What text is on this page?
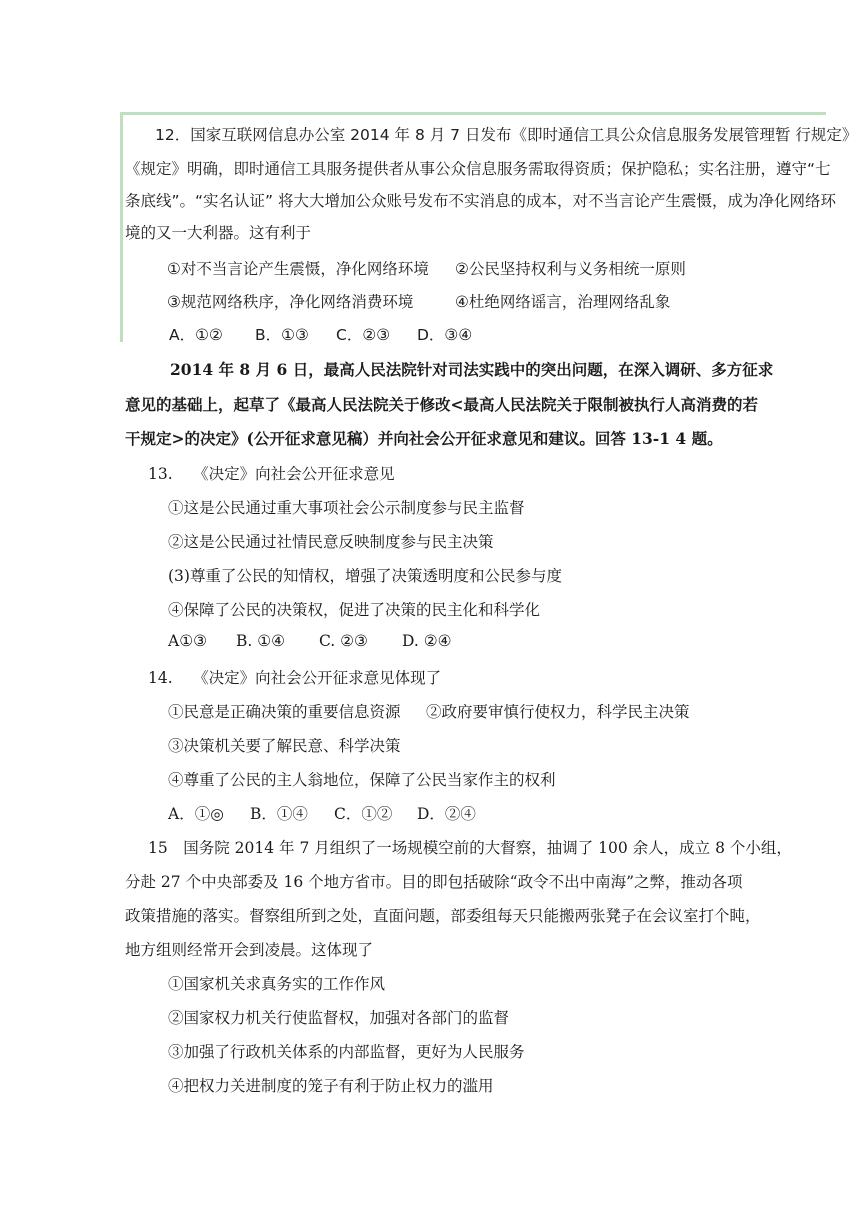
12．国家互联网信息办公室 2014 年 8 月 7 日发布《即时通信工具公众信息服务发展管理暂 行规定》
《规定》明确，即时通信工具服务提供者从事公众信息服务需取得资质；保护隐私；实名注册，遵守“七
条底线”。“实名认证” 将大大增加公众账号发布不实消息的成本，对不当言论产生震慑，成为净化网络环
境的又一大利器。这有利于
①对不当言论产生震慑，净化网络环境 ②公民坚持权利与义务相统一原则
③规范网络秩序，净化网络消费环境	④杜绝网络谣言，治理网络乱象
A．①② B．①③ C．②③ D．③④
2014 年 8 月 6 日，最高人民法院针对司法实践中的突出问题，在深入调研、多方征求
意见的基础上，起草了《最高人民法院关于修改<最高人民法院关于限制被执行人高消费的若
干规定>的决定》(公开征求意见稿）并向社会公开征求意见和建议。回答 13-1 4 题。
13.　 《决定》向社会公开征求意见
①这是公民通过重大事项社会公示制度参与民主监督
②这是公民通过社情民意反映制度参与民主决策
(3)尊重了公民的知情权，增强了决策透明度和公民参与度
④保障了公民的决策权，促进了决策的民主化和科学化
A①③ B. ①④ C. ②③ D. ②④
14.　 《决定》向社会公开征求意见体现了
①民意是正确决策的重要信息资源 ②政府要审慎行使权力，科学民主决策
③决策机关要了解民意、科学决策
④尊重了公民的主人翁地位，保障了公民当家作主的权利
A．①◎ B．①④ C．①② D．②④
15　国务院 2014 年 7 月组织了一场规模空前的大督察，抽调了 100 余人，成立 8 个小组，
分赴 27 个中央部委及 16 个地方省市。目的即包括破除“政令不出中南海”之弊，推动各项
政策措施的落实。督察组所到之处，直面问题，部委组每天只能搬两张凳子在会议室打个盹，
地方组则经常开会到凌晨。这体现了
①国家机关求真务实的工作作风
②国家权力机关行使监督权，加强对各部门的监督
③加强了行政机关体系的内部监督，更好为人民服务
④把权力关进制度的笼子有利于防止权力的滥用
